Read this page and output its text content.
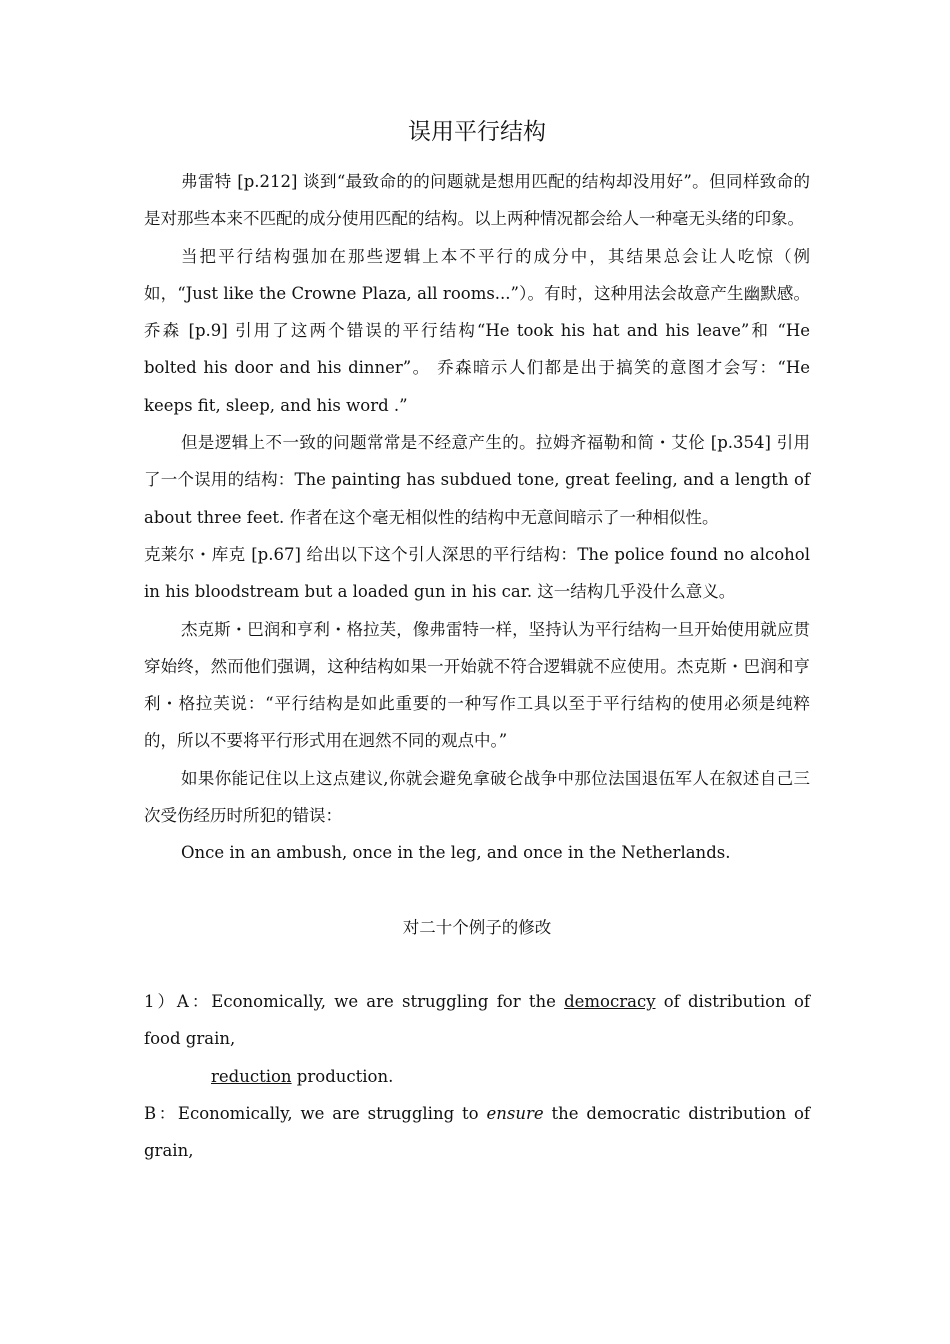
误用平行结构

弗雷特 [p.212] 谈到“最致命的的问题就是想用匹配的结构却没用好”。但同样致命的是对那些本来不匹配的成分使用匹配的结构。以上两种情况都会给人一种毫无头绪的印象。

当把平行结构强加在那些逻辑上本不平行的成分中，其结果总会让人吃惊（例如，“Just like the Crowne Plaza, all rooms...”）。有时，这种用法会故意产生幽默感。乔森 [p.9] 引用了这两个错误的平行结构“He took his hat and his leave”和 “He bolted his door and his dinner”。 乔森暗示人们都是出于搞笑的意图才会写：“He keeps fit, sleep, and his word .”

但是逻辑上不一致的问题常常是不经意产生的。拉姆齐福勒和简・艾伦 [p.354] 引用了一个误用的结构：The painting has subdued tone, great feeling, and a length of about three feet. 作者在这个毫无相似性的结构中无意间暗示了一种相似性。

克莱尔・库克 [p.67] 给出以下这个引人深思的平行结构：The police found no alcohol in his bloodstream but a loaded gun in his car. 这一结构几乎没什么意义。

杰克斯・巴润和亨利・格拉芙，像弗雷特一样，坚持认为平行结构一旦开始使用就应贯穿始终，然而他们强调，这种结构如果一开始就不符合逻辑就不应使用。杰克斯・巴润和亨利・格拉芙说：“平行结构是如此重要的一种写作工具以至于平行结构的使用必须是纯粹的，所以不要将平行形式用在迥然不同的观点中。”

如果你能记住以上这点建议,你就会避免拿破仑战争中那位法国退伍军人在叙述自己三次受伤经历时所犯的错误：

Once in an ambush, once in the leg, and once in the Netherlands.

对二十个例子的修改

1）A：Economically, we are struggling for the democracy of distribution of food grain,

reduction production.

B：Economically, we are struggling to ensure the democratic distribution of grain,
